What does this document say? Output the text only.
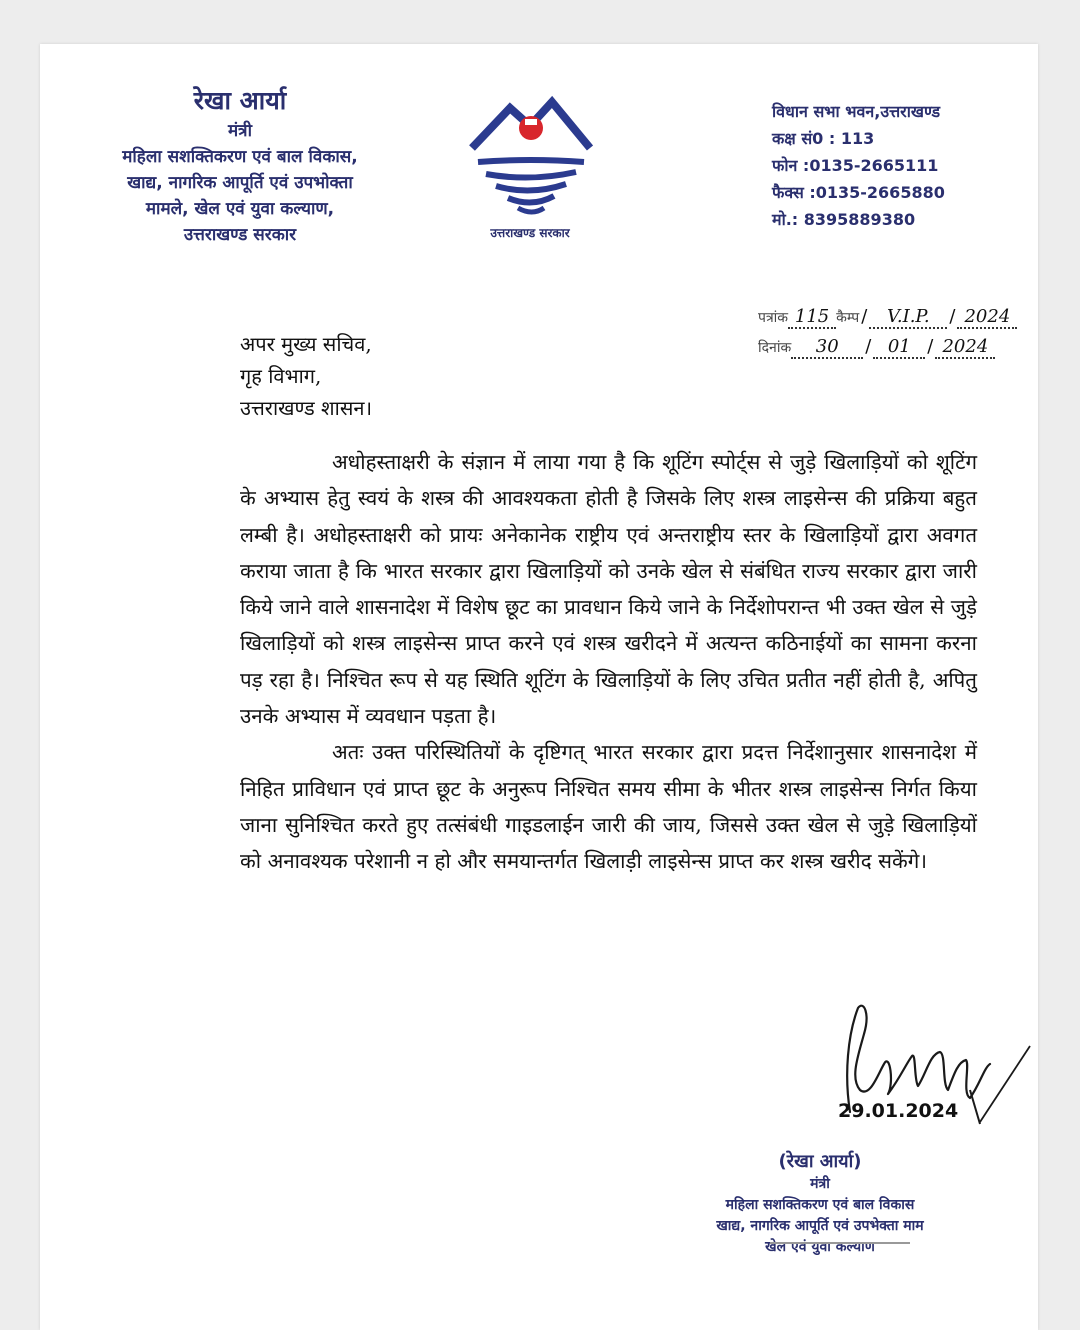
रेखा आर्या
मंत्री
महिला सशक्तिकरण एवं बाल विकास,
खाद्य, नागरिक आपूर्ति एवं उपभोक्ता
मामले, खेल एवं युवा कल्याण,
उत्तराखण्ड सरकार	उत्तराखण्ड सरकार
विधान सभा भवन,उत्तराखण्ड
कक्ष सं0 : 113
फोन :0135-2665111
फैक्स :0135-2665880
मो.: 8395889380
पत्रांक 115 कैम्प /	V.I.P.	/ 2024
दिनांक	30	/ 01 / 2024
अपर मुख्य सचिव,
गृह विभाग,
उत्तराखण्ड शासन।

अधोहस्ताक्षरी के संज्ञान में लाया गया है कि शूटिंग स्पोर्ट्स से जुड़े खिलाड़ियों को शूटिंग के अभ्यास हेतु स्वयं के शस्त्र की आवश्यकता होती है जिसके लिए शस्त्र लाइसेन्स की प्रक्रिया बहुत लम्बी है। अधोहस्ताक्षरी को प्रायः अनेकानेक राष्ट्रीय एवं अन्तराष्ट्रीय स्तर के खिलाड़ियों द्वारा अवगत कराया जाता है कि भारत सरकार द्वारा खिलाड़ियों को उनके खेल से संबंधित राज्य सरकार द्वारा जारी किये जाने वाले शासनादेश में विशेष छूट का प्रावधान किये जाने के निर्देशोपरान्त भी उक्त खेल से जुड़े खिलाड़ियों को शस्त्र लाइसेन्स प्राप्त करने एवं शस्त्र खरीदने में अत्यन्त कठिनाईयों का सामना करना पड़ रहा है। निश्चित रूप से यह स्थिति शूटिंग के खिलाड़ियों के लिए उचित प्रतीत नहीं होती है, अपितु उनके अभ्यास में व्यवधान पड़ता है।

अतः उक्त परिस्थितियों के दृष्टिगत् भारत सरकार द्वारा प्रदत्त निर्देशानुसार शासनादेश में निहित प्राविधान एवं प्राप्त छूट के अनुरूप निश्चित समय सीमा के भीतर शस्त्र लाइसेन्स निर्गत किया जाना सुनिश्चित करते हुए तत्संबंधी गाइडलाईन जारी की जाय, जिससे उक्त खेल से जुड़े खिलाड़ियों को अनावश्यक परेशानी न हो और समयान्तर्गत खिलाड़ी लाइसेन्स प्राप्त कर शस्त्र खरीद सकेंगे।

29.01.2024
(रेखा आर्या)
मंत्री
महिला सशक्तिकरण एवं बाल विकास
खाद्य, नागरिक आपूर्ति एवं उपभेक्ता माम
खेल एवं युवा कल्याण
